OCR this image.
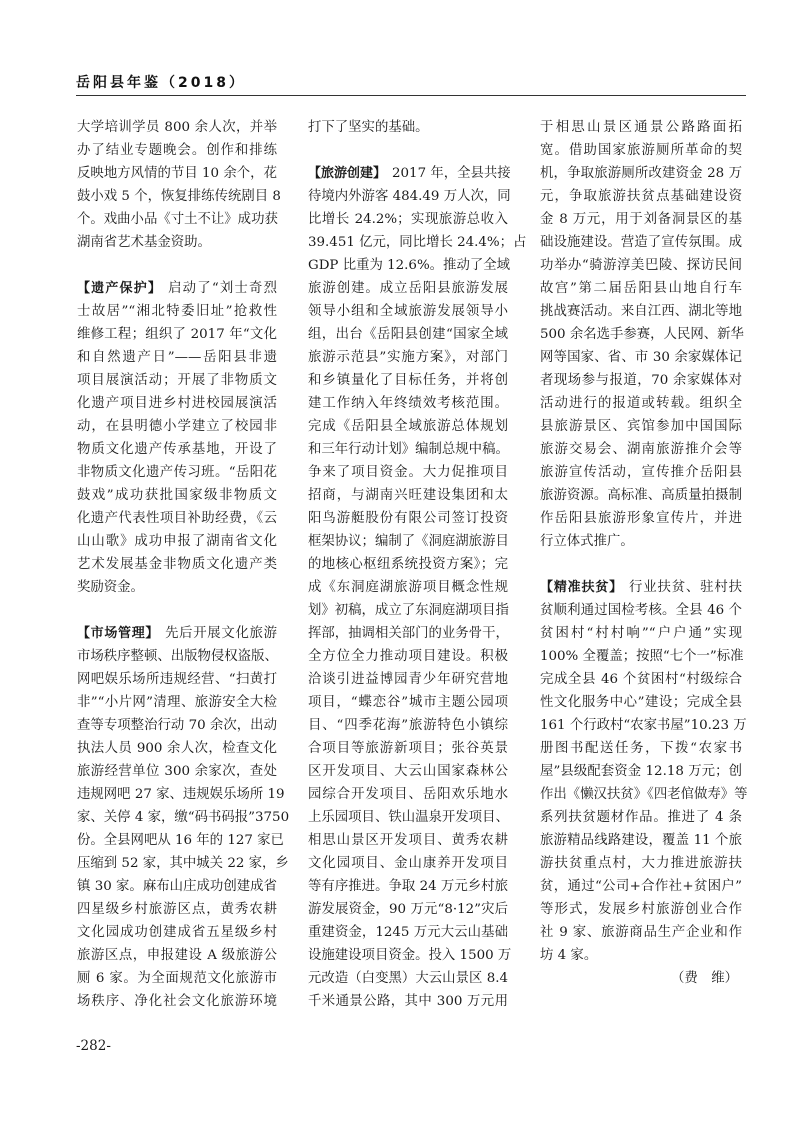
岳阳县年鉴（2018）
大学培训学员 800 余人次，并举
办了结业专题晚会。创作和排练
反映地方风情的节目 10 余个，花
鼓小戏 5 个，恢复排练传统剧目 8
个。戏曲小品《寸土不让》成功获
湖南省艺术基金资助。
【遗产保护】 启动了“刘士奇烈
士故居”“湘北特委旧址”抢救性
维修工程；组织了 2017 年“文化
和自然遗产日”——岳阳县非遗
项目展演活动；开展了非物质文
化遗产项目进乡村进校园展演活
动，在县明德小学建立了校园非
物质文化遗产传承基地，开设了
非物质文化遗产传习班。“岳阳花
鼓戏”成功获批国家级非物质文
化遗产代表性项目补助经费，《云
山山歌》成功申报了湖南省文化
艺术发展基金非物质文化遗产类
奖励资金。
【市场管理】 先后开展文化旅游
市场秩序整顿、出版物侵权盗版、
网吧娱乐场所违规经营、“扫黄打
非”“小片网”清理、旅游安全大检
查等专项整治行动 70 余次，出动
执法人员 900 余人次，检查文化
旅游经营单位 300 余家次，查处
违规网吧 27 家、违规娱乐场所 19
家、关停 4 家，缴“码书码报”3750
份。全县网吧从 16 年的 127 家已
压缩到 52 家，其中城关 22 家，乡
镇 30 家。麻布山庄成功创建成省
四星级乡村旅游区点，黄秀农耕
文化园成功创建成省五星级乡村
旅游区点，申报建设 A 级旅游公
厕 6 家。为全面规范文化旅游市
场秩序、净化社会文化旅游环境
打下了坚实的基础。
【旅游创建】 2017 年，全县共接
待境内外游客 484.49 万人次，同
比增长 24.2%；实现旅游总收入
39.451 亿元，同比增长 24.4%；占
GDP 比重为 12.6%。推动了全域
旅游创建。成立岳阳县旅游发展
领导小组和全域旅游发展领导小
组，出台《岳阳县创建“国家全域
旅游示范县”实施方案》，对部门
和乡镇量化了目标任务，并将创
建工作纳入年终绩效考核范围。
完成《岳阳县全域旅游总体规划
和三年行动计划》编制总规中稿。
争来了项目资金。大力促推项目
招商，与湖南兴旺建设集团和太
阳鸟游艇股份有限公司签订投资
框架协议；编制了《洞庭湖旅游目
的地核心枢纽系统投资方案》；完
成《东洞庭湖旅游项目概念性规
划》初稿，成立了东洞庭湖项目指
挥部，抽调相关部门的业务骨干，
全方位全力推动项目建设。积极
洽谈引进益博园青少年研究营地
项目，“蝶恋谷”城市主题公园项
目、“四季花海”旅游特色小镇综
合项目等旅游新项目；张谷英景
区开发项目、大云山国家森林公
园综合开发项目、岳阳欢乐地水
上乐园项目、铁山温泉开发项目、
相思山景区开发项目、黄秀农耕
文化园项目、金山康养开发项目
等有序推进。争取 24 万元乡村旅
游发展资金，90 万元“8·12”灾后
重建资金，1245 万元大云山基础
设施建设项目资金。投入 1500 万
元改造（白变黑）大云山景区 8.4
千米通景公路，其中 300 万元用
于相思山景区通景公路路面拓
宽。借助国家旅游厕所革命的契
机，争取旅游厕所改建资金 28 万
元，争取旅游扶贫点基础建设资
金 8 万元，用于刘备洞景区的基
础设施建设。营造了宣传氛围。成
功举办“骑游淳美巴陵、探访民间
故宫”第二届岳阳县山地自行车
挑战赛活动。来自江西、湖北等地
500 余名选手参赛，人民网、新华
网等国家、省、市 30 余家媒体记
者现场参与报道，70 余家媒体对
活动进行的报道或转载。组织全
县旅游景区、宾馆参加中国国际
旅游交易会、湖南旅游推介会等
旅游宣传活动，宣传推介岳阳县
旅游资源。高标准、高质量拍摄制
作岳阳县旅游形象宣传片，并进
行立体式推广。
【精准扶贫】 行业扶贫、驻村扶
贫顺利通过国检考核。全县 46 个
贫困村“村村响”“户户通”实现
100% 全覆盖；按照“七个一”标准
完成全县 46 个贫困村“村级综合
性文化服务中心”建设；完成全县
161 个行政村“农家书屋”10.23 万
册图书配送任务，下拨“农家书
屋”县级配套资金 12.18 万元；创
作出《懒汉扶贫》《四老倌做寿》等
系列扶贫题材作品。推进了 4 条
旅游精品线路建设，覆盖 11 个旅
游扶贫重点村，大力推进旅游扶
贫，通过“公司+合作社+贫困户”
等形式，发展乡村旅游创业合作
社 9 家、旅游商品生产企业和作
坊 4 家。
（费　维）
-282-
